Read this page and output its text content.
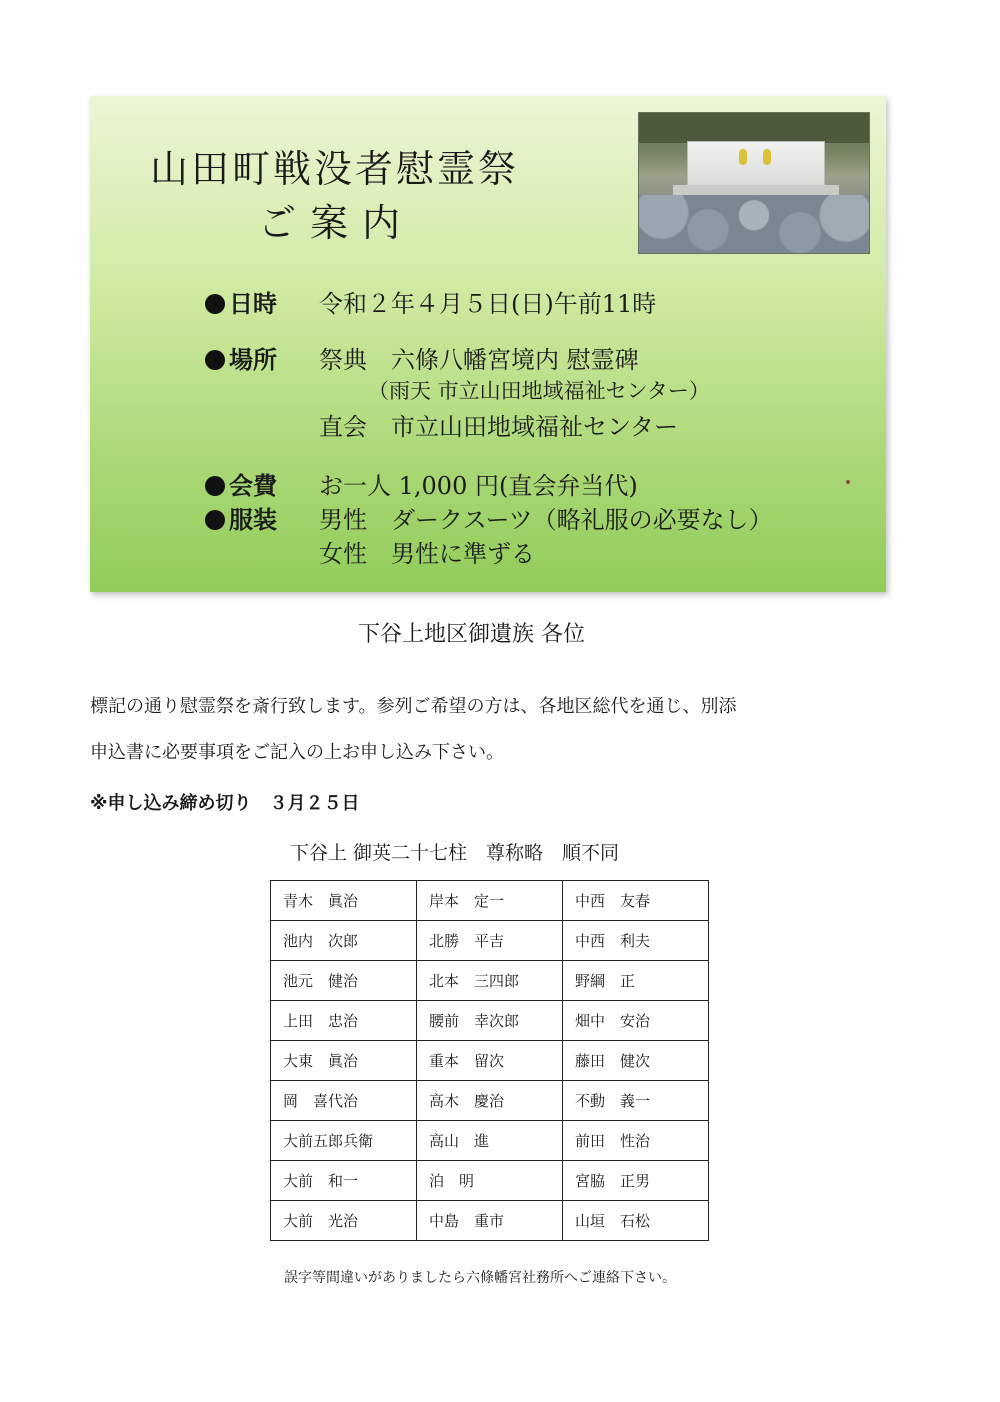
山田町戦没者慰霊祭
ご案内
日時 令和２年４月５日(日)午前11時
場所 祭典　六條八幡宮境内 慰霊碑
（雨天 市立山田地域福祉センター）
直会　市立山田地域福祉センター
会費 お一人 1,000 円(直会弁当代)
服装 男性　ダークスーツ（略礼服の必要なし）
女性　男性に準ずる
下谷上地区御遺族 各位
標記の通り慰霊祭を斎行致します。参列ご希望の方は、各地区総代を通じ、別添
申込書に必要事項をご記入の上お申し込み下さい。
※申し込み締め切り　３月２５日
下谷上 御英二十七柱　尊称略　順不同
青木　眞治	岸本　定一	中西　友春
池内　次郎	北勝　平吉	中西　利夫
池元　健治	北本　三四郎	野綱　正
上田　忠治	腰前　幸次郎	畑中　安治
大東　眞治	重本　留次	藤田　健次
岡　喜代治	高木　慶治	不動　義一
大前五郎兵衛	高山　進	前田　性治
大前　和一	泊　明	宮脇　正男
大前　光治	中島　重市	山垣　石松
誤字等間違いがありましたら六條幡宮社務所へご連絡下さい。
